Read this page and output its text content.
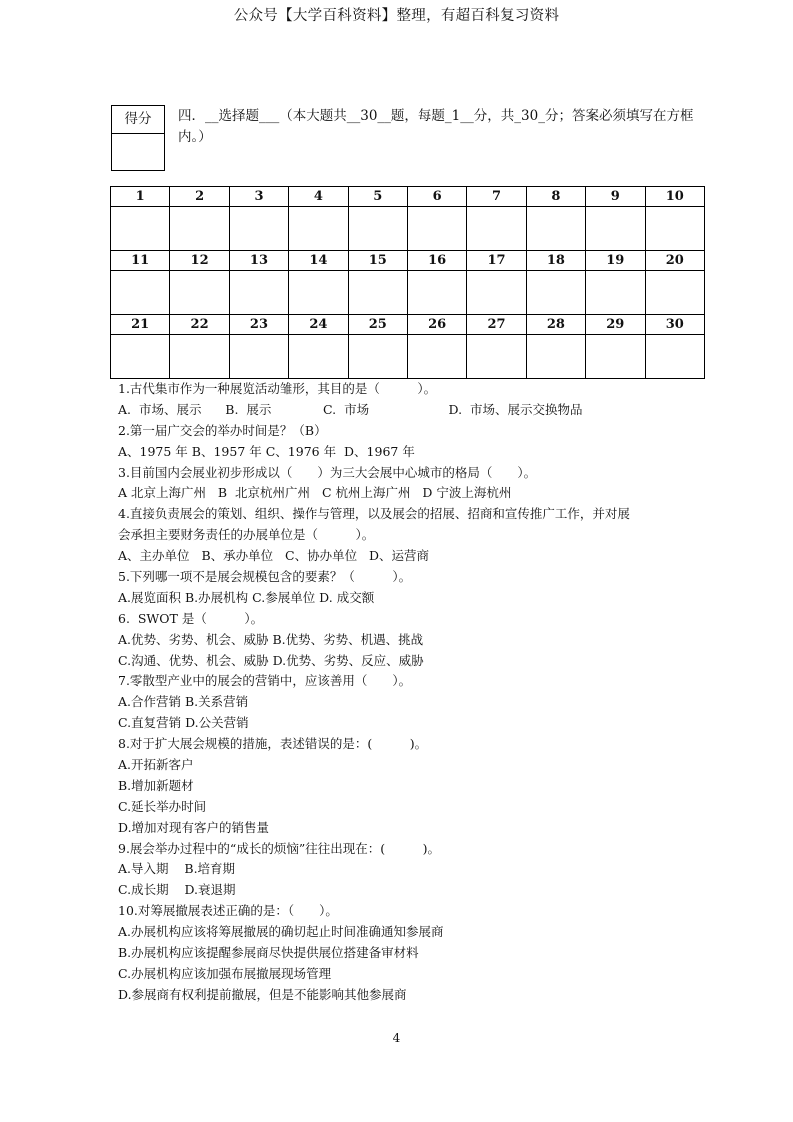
公众号【大学百科资料】整理，有超百科复习资料
得分	四．__选择题___（本大题共__30__题，每题_1__分，共_30_分；答案必须填写在方框内。）
1	2	3	4	5	6	7	8	9	10

11	12	13	14	15	16	17	18	19	20

21	22	23	24	25	26	27	28	29	30

1.古代集市作为一种展览活动雏形，其目的是（　　　）。
A.  市场、展示      B.  展示             C.  市场                    D.  市场、展示交换物品
2.第一届广交会的举办时间是？（B）
A、1975 年 B、1957 年 C、1976 年  D、1967 年
3.目前国内会展业初步形成以（　　）为三大会展中心城市的格局（　　）。
A 北京上海广州   B  北京杭州广州   C 杭州上海广州   D 宁波上海杭州
4.直接负责展会的策划、组织、操作与管理，以及展会的招展、招商和宣传推广工作，并对展
会承担主要财务责任的办展单位是（　　　）。
A、主办单位   B、承办单位   C、协办单位   D、运营商
5.下列哪一项不是展会规模包含的要素？（　　　）。
A.展览面积 B.办展机构 C.参展单位 D. 成交额
6.  SWOT 是（　　　）。
A.优势、劣势、机会、威胁 B.优势、劣势、机遇、挑战
C.沟通、优势、机会、威胁 D.优势、劣势、反应、威胁
7.零散型产业中的展会的营销中，应该善用（　　）。
A.合作营销 B.关系营销
C.直复营销 D.公关营销
8.对于扩大展会规模的措施，表述错误的是：(　　　)。
A.开拓新客户
B.增加新题材
C.延长举办时间
D.增加对现有客户的销售量
9.展会举办过程中的“成长的烦恼”往往出现在：(　　　)。
A.导入期    B.培育期
C.成长期    D.衰退期
10.对筹展撤展表述正确的是：（　　）。
A.办展机构应该将筹展撤展的确切起止时间准确通知参展商
B.办展机构应该提醒参展商尽快提供展位搭建备审材料
C.办展机构应该加强布展撤展现场管理
D.参展商有权利提前撤展，但是不能影响其他参展商
4
